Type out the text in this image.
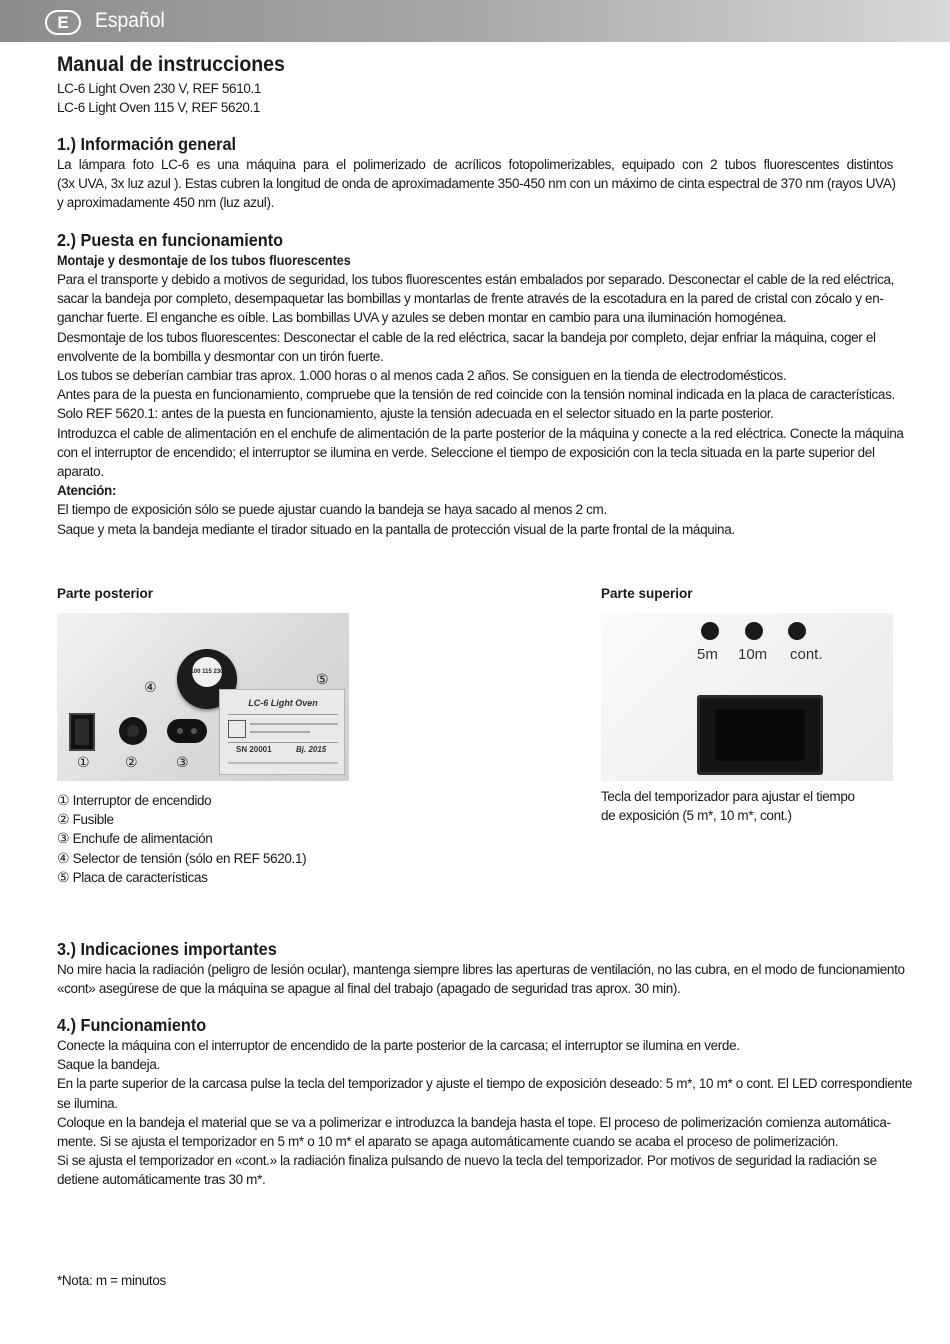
E	Español
Manual de instrucciones

LC-6 Light Oven 230 V, REF 5610.1

LC-6 Light Oven 115 V, REF 5620.1

1.) Información general

La lámpara foto LC-6 es una máquina para el polimerizado de acrílicos fotopolimerizables, equipado con 2 tubos fluorescentes distintos

(3x UVA, 3x luz azul ). Estas cubren la longitud de onda de aproximadamente 350-450 nm con un máximo de cinta espectral de 370 nm (rayos UVA)

y aproximadamente 450 nm (luz azul).

2.) Puesta en funcionamiento
Montaje y desmontaje de los tubos fluorescentes

Para el transporte y debido a motivos de seguridad, los tubos fluorescentes están embalados por separado. Desconectar el cable de la red eléctrica,

sacar la bandeja por completo, desempaquetar las bombillas y montarlas de frente através de la escotadura en la pared de cristal con zócalo y en-

ganchar fuerte. El enganche es oíble. Las bombillas UVA y azules se deben montar en cambio para una iluminación homogénea.

Desmontaje de los tubos fluorescentes: Desconectar el cable de la red eléctrica, sacar la bandeja por completo, dejar enfriar la máquina, coger el

envolvente de la bombilla y desmontar con un tirón fuerte.

Los tubos se deberían cambiar tras aprox. 1.000 horas o al menos cada 2 años. Se consiguen en la tienda de electrodomésticos.

Antes para de la puesta en funcionamiento, compruebe que la tensión de red coincide con la tensión nominal indicada en la placa de características.

Solo REF 5620.1: antes de la puesta en funcionamiento, ajuste la tensión adecuada en el selector situado en la parte posterior.

Introduzca el cable de alimentación en el enchufe de alimentación de la parte posterior de la máquina y conecte a la red eléctrica. Conecte la máquina

con el interruptor de encendido; el interruptor se ilumina en verde. Seleccione el tiempo de exposición con la tecla situada en la parte superior del

aparato.

Atención:

El tiempo de exposición sólo se puede ajustar cuando la bandeja se haya sacado al menos 2 cm.

Saque y meta la bandeja mediante el tirador situado en la pantalla de protección visual de la parte frontal de la máquina.

Parte posterior	Parte superior
100 115 230
LC-6 Light Oven
SN 20001	Bj. 2015
①	②	③
④	⑤
5m 10m cont.

① Interruptor de encendido

② Fusible

③ Enchufe de alimentación

④ Selector de tensión (sólo en REF 5620.1)

⑤ Placa de características

Tecla del temporizador para ajustar el tiempo

de exposición (5 m*, 10 m*, cont.)

3.) Indicaciones importantes

No mire hacia la radiación (peligro de lesión ocular), mantenga siempre libres las aperturas de ventilación, no las cubra, en el modo de funcionamiento

«cont» asegúrese de que la máquina se apague al final del trabajo (apagado de seguridad tras aprox. 30 min).

4.) Funcionamiento

Conecte la máquina con el interruptor de encendido de la parte posterior de la carcasa; el interruptor se ilumina en verde.

Saque la bandeja.

En la parte superior de la carcasa pulse la tecla del temporizador y ajuste el tiempo de exposición deseado: 5 m*, 10 m* o cont. El LED correspondiente

se ilumina.

Coloque en la bandeja el material que se va a polimerizar e introduzca la bandeja hasta el tope. El proceso de polimerización comienza automática-

mente. Si se ajusta el temporizador en 5 m* o 10 m* el aparato se apaga automáticamente cuando se acaba el proceso de polimerización.

Si se ajusta el temporizador en «cont.» la radiación finaliza pulsando de nuevo la tecla del temporizador. Por motivos de seguridad la radiación se

detiene automáticamente tras 30 m*.

*Nota: m = minutos
